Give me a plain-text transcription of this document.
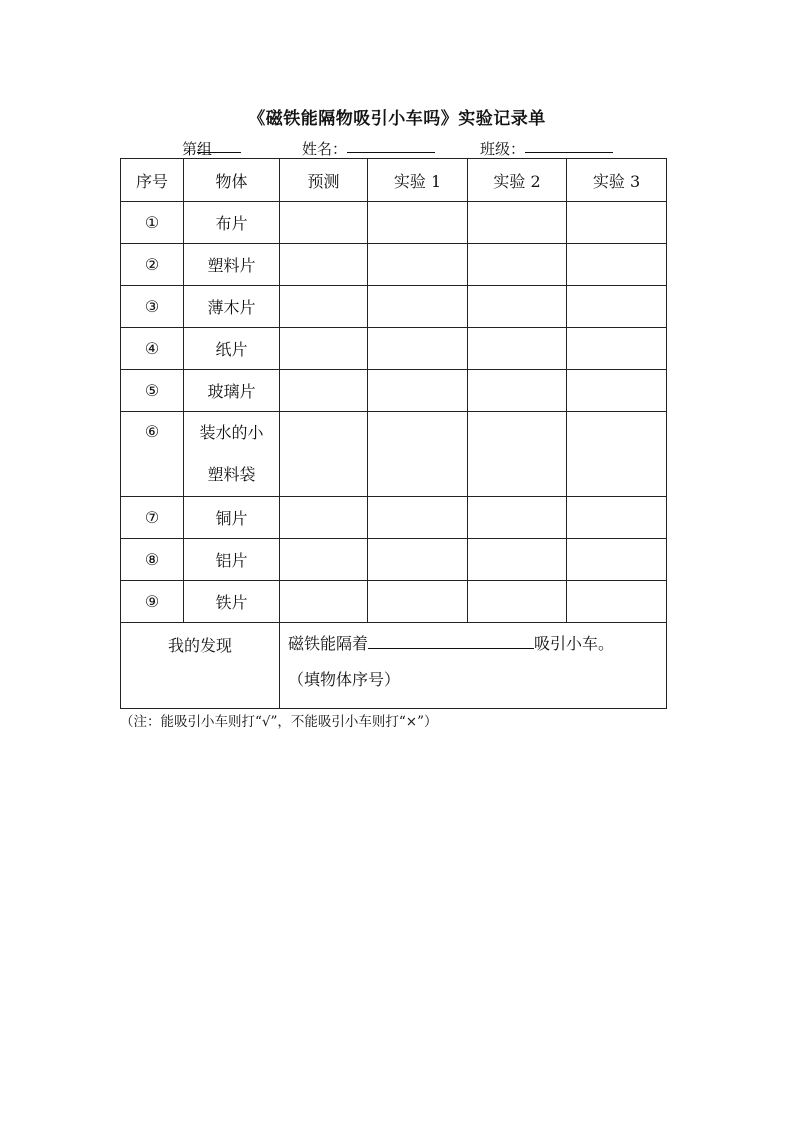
《磁铁能隔物吸引小车吗》实验记录单
第
组	姓名：	班级：
序号	物体	预测	实验 1	实验 2	实验 3
①	布片				
②	塑料片				
③	薄木片				
④	纸片				
⑤	玻璃片				
⑥	装水的小
塑料袋				

⑦	铜片				
⑧	铝片				
⑨	铁片				
我的发现		磁铁能隔着 吸引小车。
（填物体序号）			
（注：能吸引小车则打“√”，不能吸引小车则打“×”）
